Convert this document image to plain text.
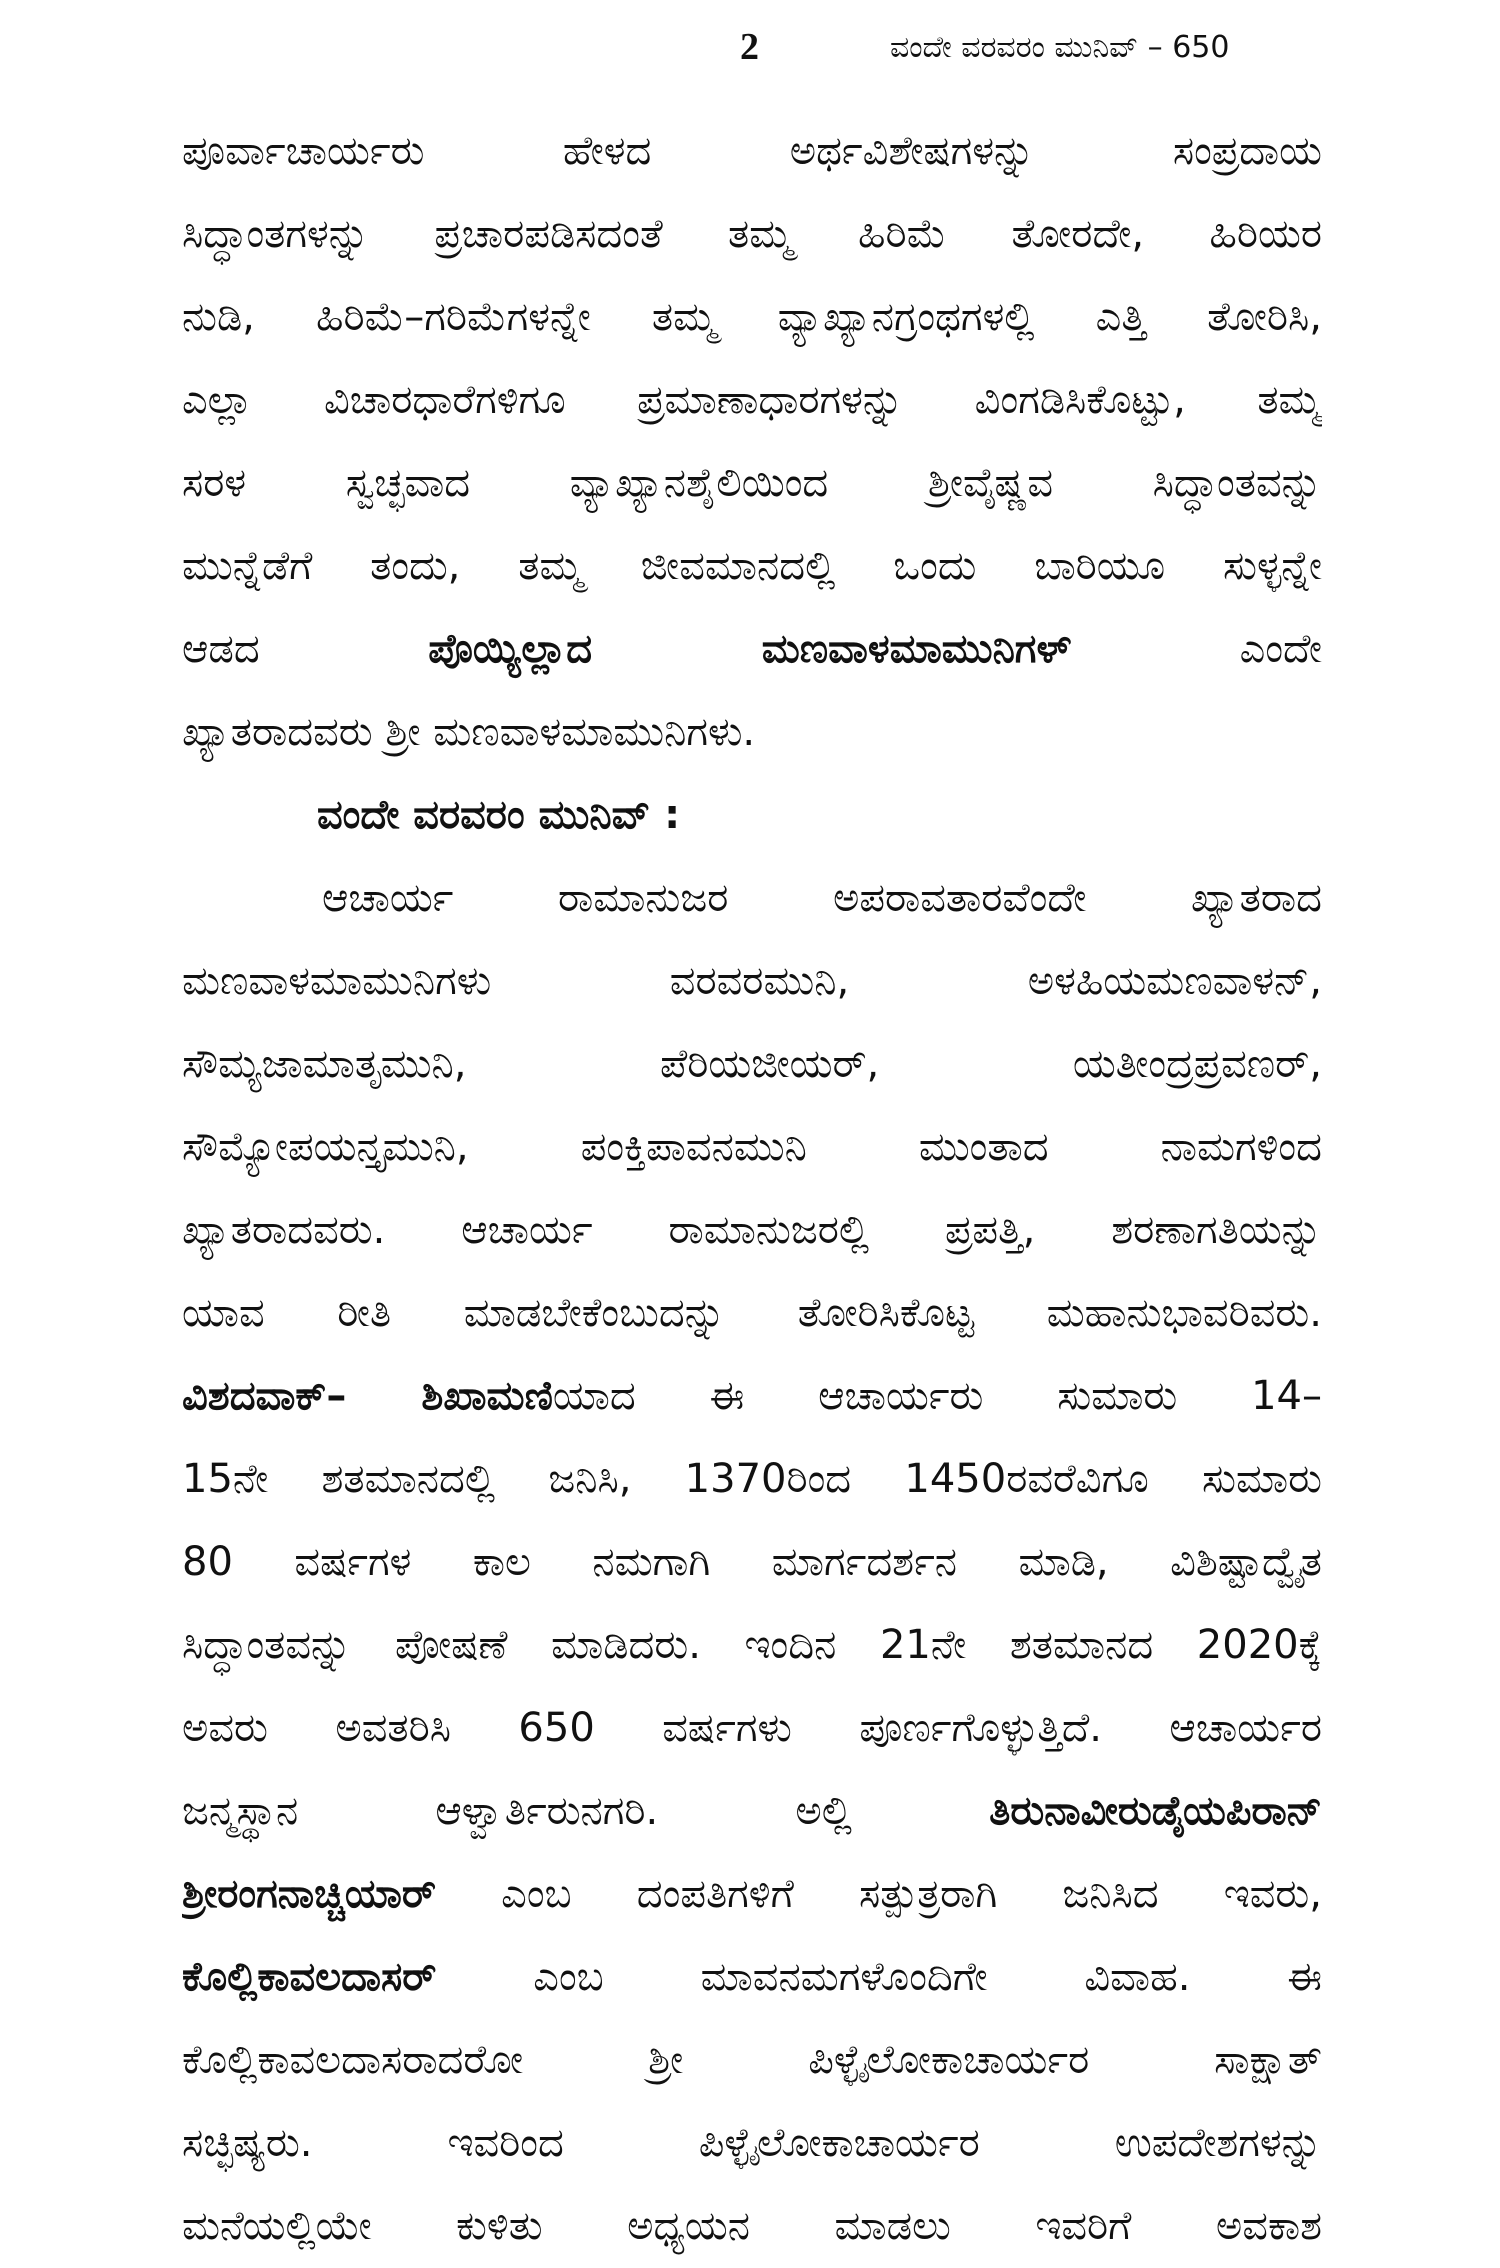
2	ವಂದೇ ವರವರಂ ಮುನಿವ್ – 650
ಪೂರ್ವಾಚಾರ್ಯರು ಹೇಳದ ಅರ್ಥವಿಶೇಷಗಳನ್ನು ಸಂಪ್ರದಾಯ
ಸಿದ್ಧಾಂತಗಳನ್ನು ಪ್ರಚಾರಪಡಿಸದಂತೆ ತಮ್ಮ ಹಿರಿಮೆ ತೋರದೇ, ಹಿರಿಯರ
ನುಡಿ, ಹಿರಿಮೆ–ಗರಿಮೆಗಳನ್ನೇ ತಮ್ಮ ವ್ಯಾಖ್ಯಾನಗ್ರಂಥಗಳಲ್ಲಿ ಎತ್ತಿ ತೋರಿಸಿ,
ಎಲ್ಲಾ ವಿಚಾರಧಾರೆಗಳಿಗೂ ಪ್ರಮಾಣಾಧಾರಗಳನ್ನು ವಿಂಗಡಿಸಿಕೊಟ್ಟು, ತಮ್ಮ
ಸರಳ ಸ್ವಚ್ಛವಾದ ವ್ಯಾಖ್ಯಾನಶೈಲಿಯಿಂದ ಶ್ರೀವೈಷ್ಣವ ಸಿದ್ಧಾಂತವನ್ನು
ಮುನ್ನೆಡೆಗೆ ತಂದು, ತಮ್ಮ ಜೀವಮಾನದಲ್ಲಿ ಒಂದು ಬಾರಿಯೂ ಸುಳ್ಳನ್ನೇ
ಆಡದ	ಪೊಯ್ಯಿಲ್ಲಾದ ಮಣವಾಳಮಾಮುನಿಗಳ್	ಎಂದೇ
ಖ್ಯಾತರಾದವರು ಶ್ರೀ ಮಣವಾಳಮಾಮುನಿಗಳು.
ವಂದೇ ವರವರಂ ಮುನಿವ್ :
ಆಚಾರ್ಯ ರಾಮಾನುಜರ ಅಪರಾವತಾರವೆಂದೇ ಖ್ಯಾತರಾದ
ಮಣವಾಳಮಾಮುನಿಗಳು ವರವರಮುನಿ, ಅಳಹಿಯಮಣವಾಳನ್,
ಸೌಮ್ಯಜಾಮಾತೃಮುನಿ, ಪೆರಿಯಜೀಯರ್, ಯತೀಂದ್ರಪ್ರವಣರ್,
ಸೌಮ್ಯೋಪಯನ್ತೃಮುನಿ, ಪಂಕ್ತಿಪಾವನಮುನಿ ಮುಂತಾದ ನಾಮಗಳಿಂದ
ಖ್ಯಾತರಾದವರು. ಆಚಾರ್ಯ ರಾಮಾನುಜರಲ್ಲಿ ಪ್ರಪತ್ತಿ, ಶರಣಾಗತಿಯನ್ನು
ಯಾವ ರೀತಿ ಮಾಡಬೇಕೆಂಬುದನ್ನು ತೋರಿಸಿಕೊಟ್ಟ ಮಹಾನುಭಾವರಿವರು.
ವಿಶದವಾಕ್– ಶಿಖಾಮಣಿಯಾದ ಈ ಆಚಾರ್ಯರು ಸುಮಾರು 14–
15ನೇ ಶತಮಾನದಲ್ಲಿ ಜನಿಸಿ, 1370ರಿಂದ 1450ರವರೆವಿಗೂ ಸುಮಾರು
80 ವರ್ಷಗಳ ಕಾಲ ನಮಗಾಗಿ ಮಾರ್ಗದರ್ಶನ ಮಾಡಿ, ವಿಶಿಷ್ಟಾದ್ವೈತ
ಸಿದ್ಧಾಂತವನ್ನು ಪೋಷಣೆ ಮಾಡಿದರು. ಇಂದಿನ 21ನೇ ಶತಮಾನದ 2020ಕ್ಕೆ
ಅವರು ಅವತರಿಸಿ 650 ವರ್ಷಗಳು ಪೂರ್ಣಗೊಳ್ಳುತ್ತಿದೆ. ಆಚಾರ್ಯರ
ಜನ್ಮಸ್ಥಾನ ಆಳ್ವಾರ್ತಿರುನಗರಿ. ಅಲ್ಲಿ	ತಿರುನಾವೀರುಡೈಯಪಿರಾನ್
ಶ್ರೀರಂಗನಾಚ್ಚಿಯಾರ್ ಎಂಬ ದಂಪತಿಗಳಿಗೆ ಸತ್ಪುತ್ರರಾಗಿ ಜನಿಸಿದ ಇವರು,
ಕೊಲ್ಲಿಕಾವಲದಾಸರ್ ಎಂಬ ಮಾವನಮಗಳೊಂದಿಗೇ ವಿವಾಹ. ಈ
ಕೊಲ್ಲಿಕಾವಲದಾಸರಾದರೋ ಶ್ರೀ ಪಿಳ್ಳೈಲೋಕಾಚಾರ್ಯರ ಸಾಕ್ಷಾತ್
ಸಚ್ಛಿಷ್ಯರು. ಇವರಿಂದ ಪಿಳ್ಳೈಲೋಕಾಚಾರ್ಯರ ಉಪದೇಶಗಳನ್ನು
ಮನೆಯಲ್ಲಿಯೇ ಕುಳಿತು ಅಧ್ಯಯನ ಮಾಡಲು ಇವರಿಗೆ ಅವಕಾಶ
